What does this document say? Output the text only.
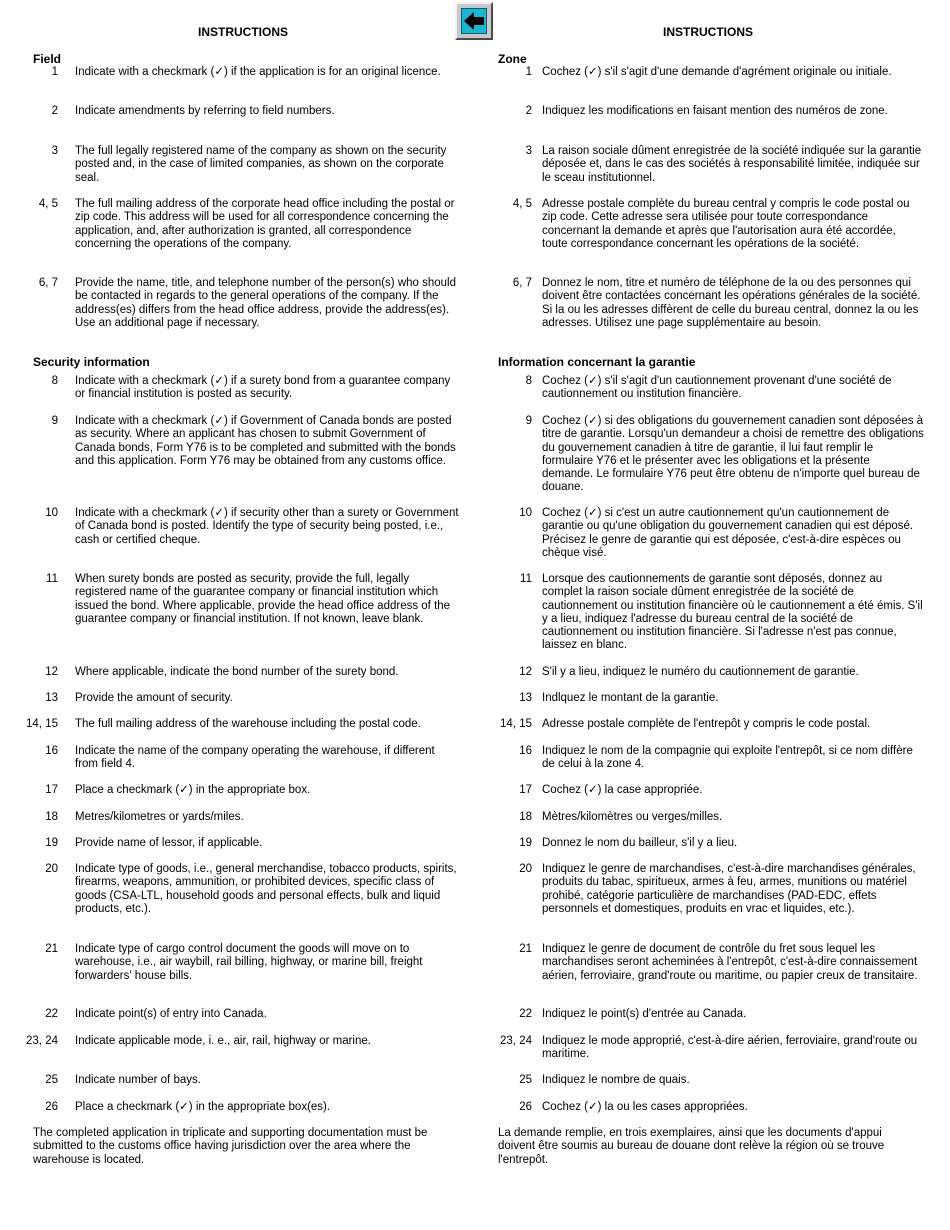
INSTRUCTIONS	INSTRUCTIONS
Field	Zone
Security information	Information concernant la garantie
1 Indicate with a checkmark (✓) if the application is for an original licence.
2 Indicate amendments by referring to field numbers.
3 The full legally registered name of the company as shown on the security posted and, in the case of limited companies, as shown on the corporate seal.
4, 5 The full mailing address of the corporate head office including the postal or zip code. This address will be used for all correspondence concerning the application, and, after authorization is granted, all correspondence concerning the operations of the company.
6, 7 Provide the name, title, and telephone number of the person(s) who should be contacted in regards to the general operations of the company. If the address(es) differs from the head office address, provide the address(es). Use an additional page if necessary.
8 Indicate with a checkmark (✓) if a surety bond from a guarantee company or financial institution is posted as security.
9 Indicate with a checkmark (✓) if Government of Canada bonds are posted as security. Where an applicant has chosen to submit Government of Canada bonds, Form Y76 is to be completed and submitted with the bonds and this application. Form Y76 may be obtained from any customs office.
10 Indicate with a checkmark (✓) if security other than a surety or Government of Canada bond is posted. Identify the type of security being posted, i.e., cash or certified cheque.
11 When surety bonds are posted as security, provide the full, legally registered name of the guarantee company or financial institution which issued the bond. Where applicable, provide the head office address of the guarantee company or financial institution. If not known, leave blank.
12 Where applicable, indicate the bond number of the surety bond.
13 Provide the amount of security.
14, 15 The full mailing address of the warehouse including the postal code.
16 Indicate the name of the company operating the warehouse, if different from field 4.
17 Place a checkmark (✓) in the appropriate box.
18 Metres/kilometres or yards/miles.
19 Provide name of lessor, if applicable.
20 Indicate type of goods, i.e., general merchandise, tobacco products, spirits, firearms, weapons, ammunition, or prohibited devices, specific class of goods (CSA-LTL, household goods and personal effects, bulk and liquid products, etc.).
21 Indicate type of cargo control document the goods will move on to warehouse, i.e., air waybill, rail billing, highway, or marine bill, freight forwarders' house bills.
22 Indicate point(s) of entry into Canada.
23, 24 Indicate applicable mode, i. e., air, rail, highway or marine.
25 Indicate number of bays.
26 Place a checkmark (✓) in the appropriate box(es).
1 Cochez (✓) s'il s'agit d'une demande d'agrément originale ou initiale.
2 Indiquez les modifications en faisant mention des numéros de zone.
3 La raison sociale dûment enregistrée de la société indiquée sur la garantie déposée et, dans le cas des sociétés à responsabilité limitée, indiquée sur le sceau institutionnel.
4, 5 Adresse postale complète du bureau central y compris le code postal ou zip code. Cette adresse sera utilisée pour toute correspondance concernant la demande et après que l'autorisation aura été accordée, toute correspondance concernant les opérations de la société.
6, 7 Donnez le nom, titre et numéro de téléphone de la ou des personnes qui doivent être contactées concernant les opérations générales de la société. Si la ou les adresses diffèrent de celle du bureau central, donnez la ou les adresses. Utilisez une page supplémentaire au besoin.
8 Cochez (✓) s'il s'agit d'un cautionnement provenant d'une société de cautionnement ou institution financière.
9 Cochez (✓) si des obligations du gouvernement canadien sont déposées à titre de garantie. Lorsqu'un demandeur a choisi de remettre des obligations du gouvernement canadien à titre de garantie, il lui faut remplir le formulaire Y76 et le présenter avec les obligations et la présente demande. Le formulaire Y76 peut être obtenu de n'importe quel bureau de douane.
10 Cochez (✓) si c'est un autre cautionnement qu'un cautionnement de garantie ou qu'une obligation du gouvernement canadien qui est déposé. Précisez le genre de garantie qui est déposée, c'est-à-dire espèces ou chèque visé.
11 Lorsque des cautionnements de garantie sont déposés, donnez au complet la raison sociale dûment enregistrée de la société de cautionnement ou institution financière où le cautionnement a été émis. S'il y a lieu, indiquez l'adresse du bureau central de la société de cautionnement ou institution financière. Si l'adresse n'est pas connue, laissez en blanc.
12 S'il y a lieu, indiquez le numéro du cautionnement de garantie.
13 Indlquez le montant de la garantie.
14, 15 Adresse postale complète de l'entrepôt y compris le code postal.
16 Indiquez le nom de la compagnie qui exploite l'entrepôt, si ce nom diffère de celui à la zone 4.
17 Cochez (✓) la case appropriée.
18 Mètres/kilomètres ou verges/milles.
19 Donnez le nom du bailleur, s'il y a lieu.
20 Indiquez le genre de marchandises, c'est-à-dire marchandises générales, produits du tabac, spiritueux, armes à feu, armes, munitions ou matériel prohibé, catégorie particulière de marchandises (PAD-EDC, effets personnels et domestiques, produits en vrac et liquides, etc.).
21 Indiquez le genre de document de contrôle du fret sous lequel les marchandises seront acheminées à l'entrepôt, c'est-à-dire connaissement aérien, ferroviaire, grand'route ou maritime, ou papier creux de transitaire.
22 Indiquez le point(s) d'entrée au Canada.
23, 24 Indiquez le mode approprié, c'est-à-dire aérien, ferroviaire, grand'route ou maritime.
25 Indiquez le nombre de quais.
26 Cochez (✓) la ou les cases appropriées.
The completed application in triplicate and supporting documentation must be submitted to the customs office having jurisdiction over the area where the warehouse is located.
La demande remplie, en trois exemplaires, ainsi que les documents d'appui doivent être soumis au bureau de douane dont relève la région où se trouve l'entrepôt.
